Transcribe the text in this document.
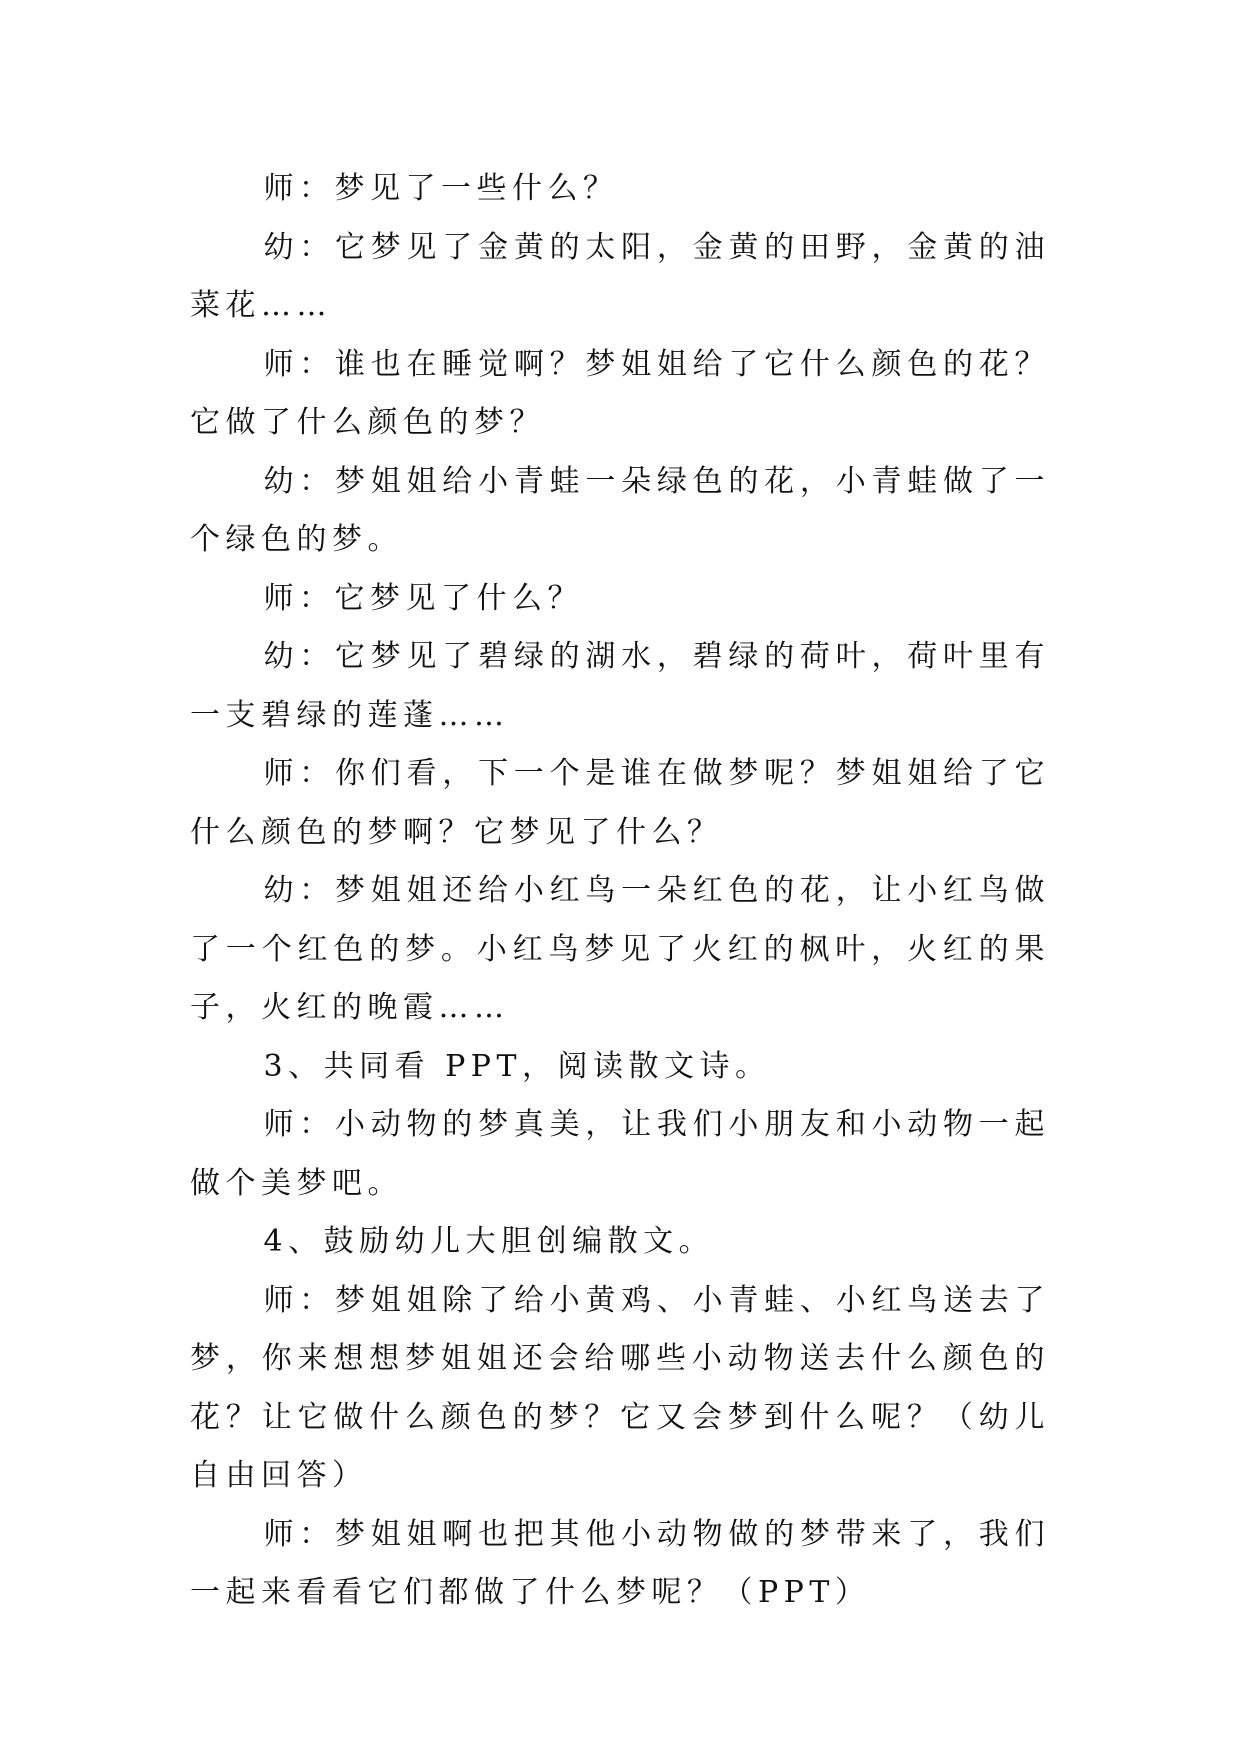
师：梦见了一些什么？

幼：它梦见了金黄的太阳，金黄的田野，金黄的油菜花……

师：谁也在睡觉啊？梦姐姐给了它什么颜色的花？它做了什么颜色的梦？

幼：梦姐姐给小青蛙一朵绿色的花，小青蛙做了一个绿色的梦。

师：它梦见了什么？

幼：它梦见了碧绿的湖水，碧绿的荷叶，荷叶里有一支碧绿的莲蓬……

师：你们看，下一个是谁在做梦呢？梦姐姐给了它什么颜色的梦啊？它梦见了什么？

幼：梦姐姐还给小红鸟一朵红色的花，让小红鸟做了一个红色的梦。小红鸟梦见了火红的枫叶，火红的果子，火红的晚霞……

3、共同看 PPT，阅读散文诗。

师：小动物的梦真美，让我们小朋友和小动物一起做个美梦吧。

4、鼓励幼儿大胆创编散文。

师：梦姐姐除了给小黄鸡、小青蛙、小红鸟送去了梦，你来想想梦姐姐还会给哪些小动物送去什么颜色的花？让它做什么颜色的梦？它又会梦到什么呢？（幼儿自由回答）

师：梦姐姐啊也把其他小动物做的梦带来了，我们一起来看看它们都做了什么梦呢？（PPT）
